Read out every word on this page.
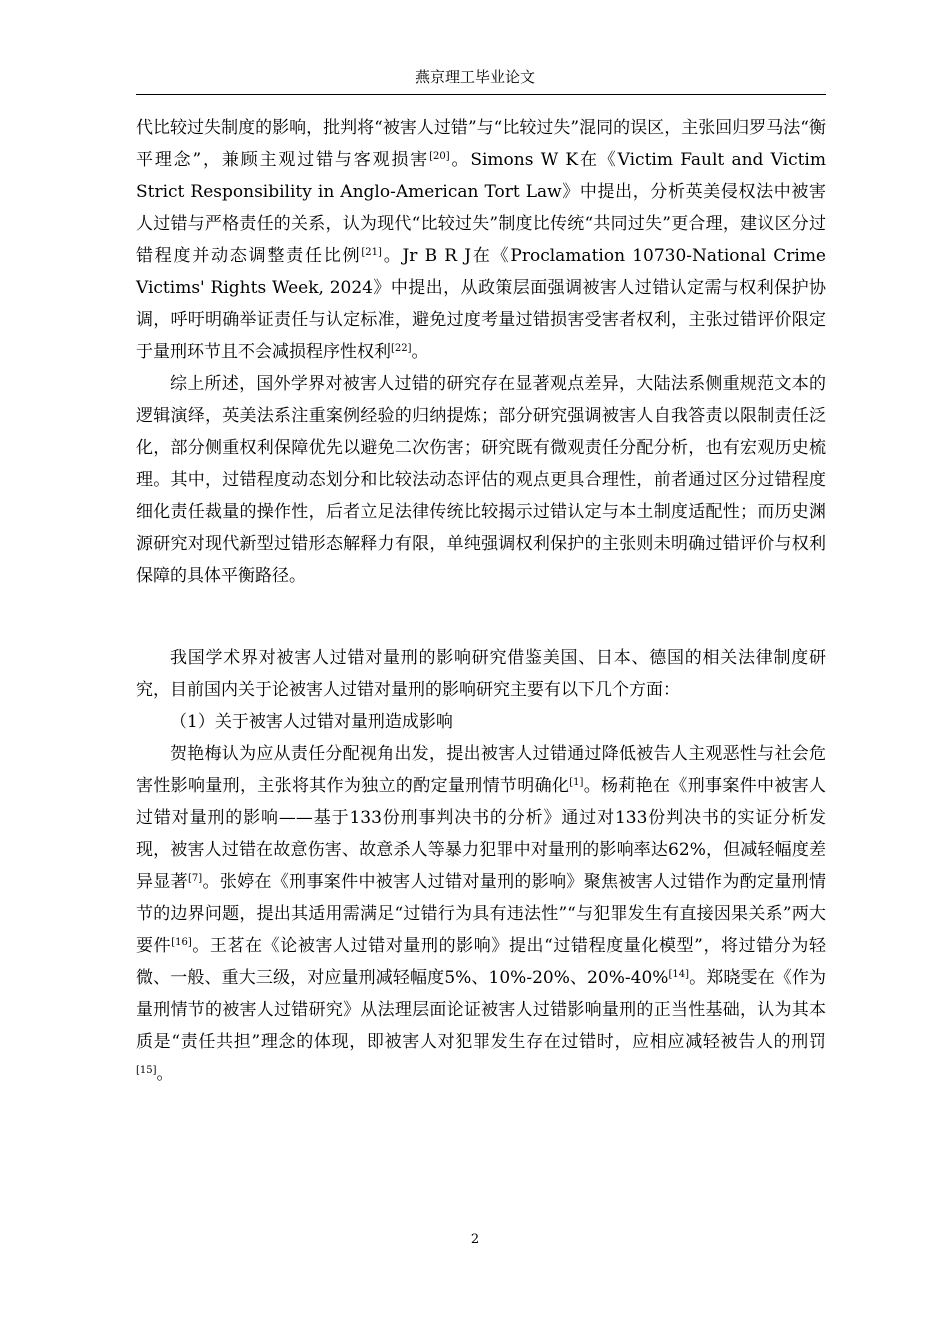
燕京理工毕业论文

代比较过失制度的影响，批判将“被害人过错”与“比较过失”混同的误区，主张回归罗马法“衡平理念”，兼顾主观过错与客观损害[20]。Simons W K在《Victim Fault and Victim Strict Responsibility in Anglo-American Tort Law》中提出，分析英美侵权法中被害人过错与严格责任的关系，认为现代“比较过失”制度比传统“共同过失”更合理，建议区分过错程度并动态调整责任比例[21]。Jr B R J在《Proclamation 10730-National Crime Victims' Rights Week, 2024》中提出，从政策层面强调被害人过错认定需与权利保护协调，呼吁明确举证责任与认定标准，避免过度考量过错损害受害者权利，主张过错评价限定于量刑环节且不会减损程序性权利[22]。

综上所述，国外学界对被害人过错的研究存在显著观点差异，大陆法系侧重规范文本的逻辑演绎，英美法系注重案例经验的归纳提炼；部分研究强调被害人自我答责以限制责任泛化，部分侧重权利保障优先以避免二次伤害；研究既有微观责任分配分析，也有宏观历史梳理。其中，过错程度动态划分和比较法动态评估的观点更具合理性，前者通过区分过错程度细化责任裁量的操作性，后者立足法律传统比较揭示过错认定与本土制度适配性；而历史渊源研究对现代新型过错形态解释力有限，单纯强调权利保护的主张则未明确过错评价与权利保障的具体平衡路径。

我国学术界对被害人过错对量刑的影响研究借鉴美国、日本、德国的相关法律制度研究，目前国内关于论被害人过错对量刑的影响研究主要有以下几个方面：

（1）关于被害人过错对量刑造成影响

贺艳梅认为应从责任分配视角出发，提出被害人过错通过降低被告人主观恶性与社会危害性影响量刑，主张将其作为独立的酌定量刑情节明确化[1]。杨莉艳在《刑事案件中被害人过错对量刑的影响——基于133份刑事判决书的分析》通过对133份判决书的实证分析发现，被害人过错在故意伤害、故意杀人等暴力犯罪中对量刑的影响率达62%，但减轻幅度差异显著[7]。张婷在《刑事案件中被害人过错对量刑的影响》聚焦被害人过错作为酌定量刑情节的边界问题，提出其适用需满足“过错行为具有违法性”“与犯罪发生有直接因果关系”两大要件[16]。王茗在《论被害人过错对量刑的影响》提出“过错程度量化模型”，将过错分为轻微、一般、重大三级，对应量刑减轻幅度5%、10%-20%、20%-40%[14]。郑晓雯在《作为量刑情节的被害人过错研究》从法理层面论证被害人过错影响量刑的正当性基础，认为其本质是“责任共担”理念的体现，即被害人对犯罪发生存在过错时，应相应减轻被告人的刑罚[15]。

2
